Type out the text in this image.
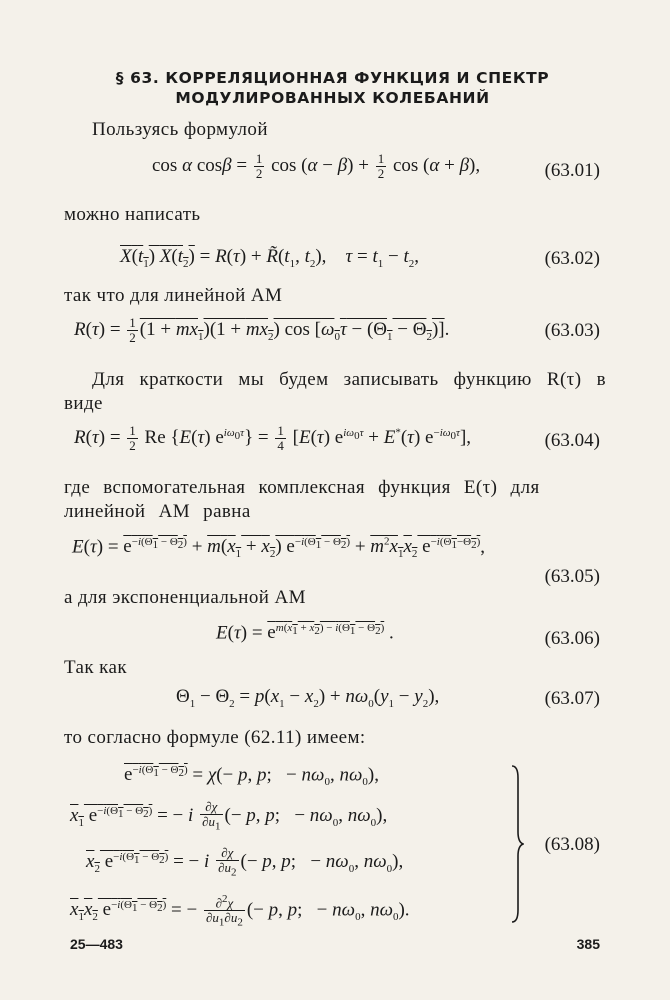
§ 63. КОРРЕЛЯЦИОННАЯ ФУНКЦИЯ И СПЕКТР
МОДУЛИРОВАННЫХ КОЛЕБАНИЙ
Пользуясь формулой
cos α $\cos\beta = \frac{1}{2}$ $\cos (\alpha - \beta) + \frac{1}{2}$ cos (α + β),	(63.01)
можно написать
$X(t_1) X(t_2) = R(\tau)$ + $R̃(t_1$, $t_2$),    $\tau = t_1 - t_2$,	(63.02)
так что для линейной АМ
$R(\tau) = \frac{1}{2} (1 + mx_1)(1 + mx_2)$ $\cos [\omega_0\tau - (\Theta_1 - \Theta_2)]$.	(63.03)
Для краткости мы будем записывать функцию R(τ) в виде
$R(\tau) = \frac{1}{2}$ Re {E(τ) $e^{i\omega_0\tau}\} = \frac{1}{4} [E(\tau) e^{i\omega_0\tau} + E^*(\tau)$ $e^{-i\omega_0\tau}$],	(63.04)
где вспомогательная комплексная функция E(τ) для линейной АМ равна
$E(\tau) = e^{-i(\Theta_1 - \Theta_2)} + m(x_1 + x_2) e^{-i(\Theta_1 - \Theta_2)} + m^2x_1x_2$ $e^{-i(\Theta_1-\Theta_2)}$,
(63.05)
а для экспоненциальной АМ
$E(\tau) = e^{m(x_1 + x_2) - i(\Theta_1 - \Theta_2)}$ .	(63.06)
Так как
$\Theta_1 - \Theta_2 = p(x_1 - x_2) + n\omega_0(y_1 - y_2)$,	(63.07)
то согласно формуле (62.11) имеем:
$e^{-i(\Theta_1 - \Theta_2)} = \chi(- p$, p;   − $n\omega_0$, $n\omega_0$),
$x_1$ $e^{-i(\Theta_1 - \Theta_2)}$ = − i $\frac{\partial\chi}{\partial u_1}$ (− p, p;   − $n\omega_0$, $n\omega_0$),
$x_2$ $e^{-i(\Theta_1 - \Theta_2)}$ = − i $\frac{\partial\chi}{\partial u_2}$ (− p, p;   − $n\omega_0$, $n\omega_0$),
$x_1x_2$ $e^{-i(\Theta_1 - \Theta_2)}$ = − $\frac{\partial^2\chi}{\partial u_1\partial u_2}$ (− p, p;   − $n\omega_0$, $n\omega_0$).
(63.08)
25—483	385
